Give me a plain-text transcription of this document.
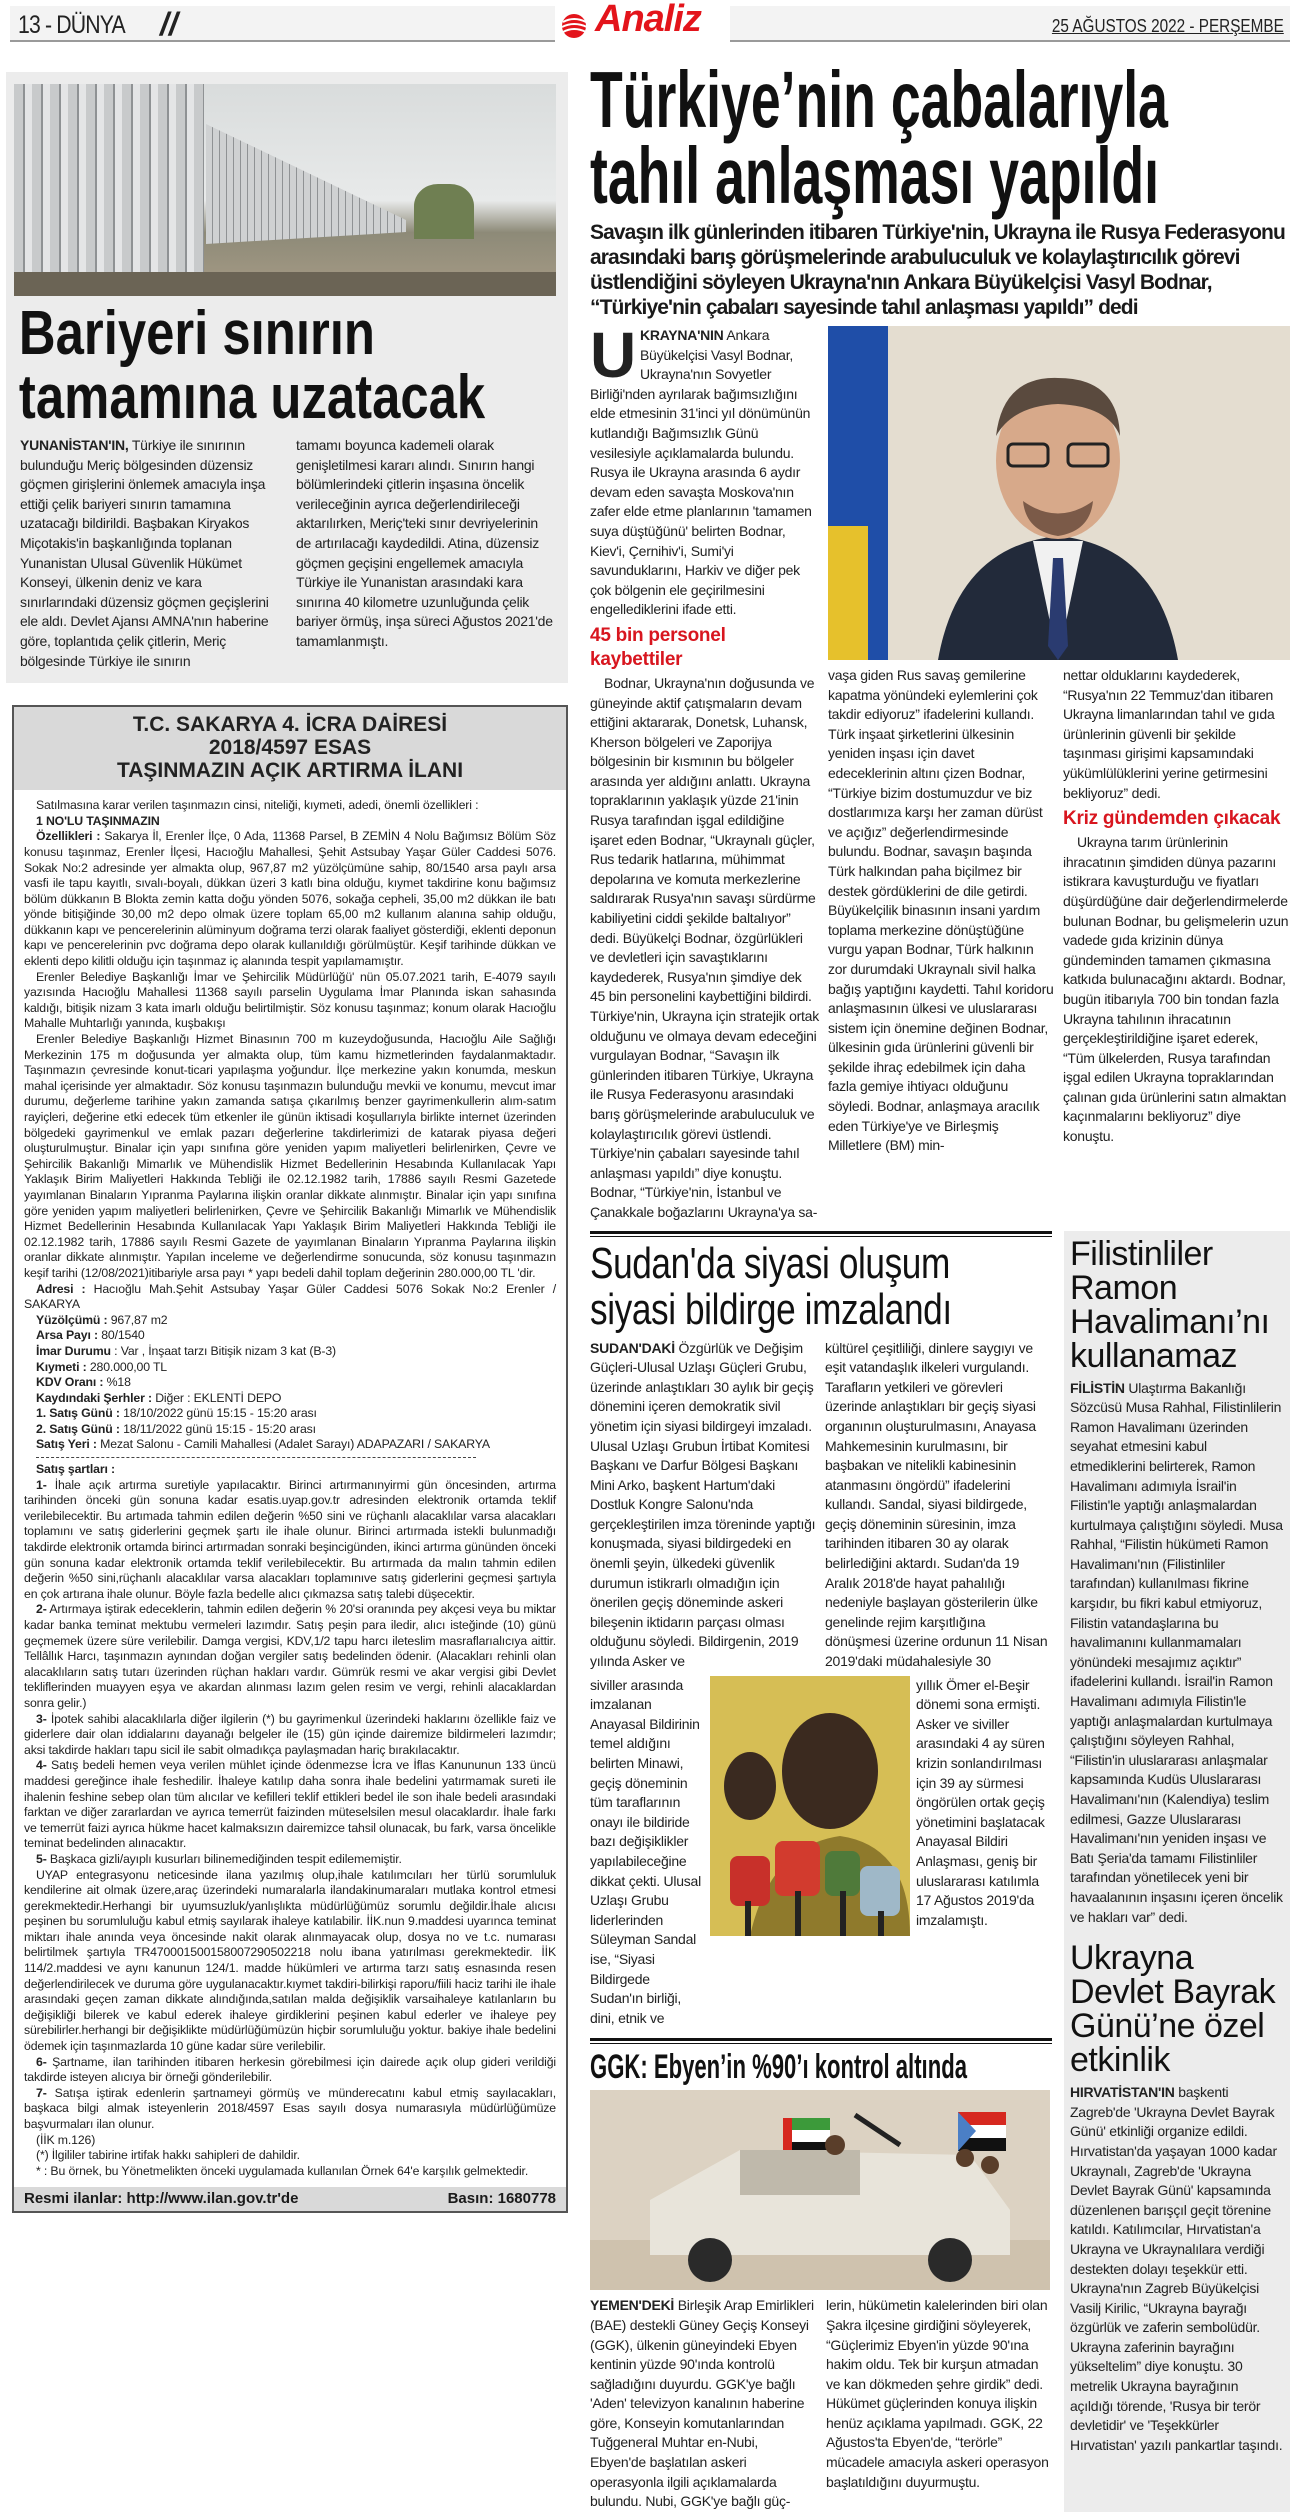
13 - DÜNYA //	25 AĞUSTOS 2022 - PERŞEMBE
Analiz
Bariyeri sınırın
tamamına uzatacak
YUNANİSTAN'IN, Türkiye ile sınırının bulunduğu Meriç bölgesinden düzensiz göçmen girişlerini önlemek amacıyla inşa ettiği çelik bariyeri sınırın tamamına uzatacağı bildirildi. Başbakan Kiryakos Miçotakis'in başkanlığında toplanan Yunanistan Ulusal Güvenlik Hükümet Konseyi, ülkenin deniz ve kara sınırlarındaki düzensiz göçmen geçişlerini ele aldı. Devlet Ajansı AMNA'nın haberine göre, toplantıda çelik çitlerin, Meriç bölgesinde Türkiye ile sınırın
tamamı boyunca kademeli olarak genişletilmesi kararı alındı. Sınırın hangi bölümlerindeki çitlerin inşasına öncelik verileceğinin ayrıca değerlendirileceği aktarılırken, Meriç'teki sınır devriyelerinin de artırılacağı kaydedildi. Atina, düzensiz göçmen geçişini engellemek amacıyla Türkiye ile Yunanistan arasındaki kara sınırına 40 kilometre uzunluğunda çelik bariyer örmüş, inşa süreci Ağustos 2021'de tamamlanmıştı.
T.C. SAKARYA 4. İCRA DAİRESİ
2018/4597 ESAS
TAŞINMAZIN AÇIK ARTIRMA İLANI

Satılmasına karar verilen taşınmazın cinsi, niteliği, kıymeti, adedi, önemli özellikleri :

1 NO'LU TAŞINMAZIN

Özellikleri : Sakarya İl, Erenler İlçe, 0 Ada, 11368 Parsel, B ZEMİN 4 Nolu Bağımsız Bölüm Söz konusu taşınmaz, Erenler İlçesi, Hacıoğlu Mahallesi, Şehit Astsubay Yaşar Güler Caddesi 5076. Sokak No:2 adresinde yer almakta olup, 967,87 m2 yüzölçümüne sahip, 80/1540 arsa paylı arsa vasfi ile tapu kayıtlı, sıvalı-boyalı, dükkan üzeri 3 katlı bina olduğu, kıymet takdirine konu bağımsız bölüm dükkanın B Blokta zemin katta doğu yönden 5076, sokağa cepheli, 35,00 m2 dükkan ile batı yönde bitişiğinde 30,00 m2 depo olmak üzere toplam 65,00 m2 kullanım alanına sahip olduğu, dükkanın kapı ve pencerelerinin alüminyum doğrama terzi olarak faaliyet gösterdiği, eklenti deponun kapı ve pencerelerinin pvc doğrama depo olarak kullanıldığı görülmüştür. Keşif tarihinde dükkan ve eklenti depo kilitli olduğu için taşınmaz iç alanında tespit yapılamamıştır.

Erenler Belediye Başkanlığı İmar ve Şehircilik Müdürlüğü' nün 05.07.2021 tarih, E-4079 sayılı yazısında Hacıoğlu Mahallesi 11368 sayılı parselin Uygulama İmar Planında iskan sahasında kaldığı, bitişik nizam 3 kata imarlı olduğu belirtilmiştir. Söz konusu taşınmaz; konum olarak Hacıoğlu Mahalle Muhtarlığı yanında, kuşbakışı

Erenler Belediye Başkanlığı Hizmet Binasının 700 m kuzeydoğusunda, Hacıoğlu Aile Sağlığı Merkezinin 175 m doğusunda yer almakta olup, tüm kamu hizmetlerinden faydalanmaktadır. Taşınmazın çevresinde konut-ticari yapılaşma yoğundur. İlçe merkezine yakın konumda, meskun mahal içerisinde yer almaktadır. Söz konusu taşınmazın bulunduğu mevkii ve konumu, mevcut imar durumu, değerleme tarihine yakın zamanda satışa çıkarılmış benzer gayrimenkullerin alım-satım rayiçleri, değerine etki edecek tüm etkenler ile günün iktisadi koşullarıyla birlikte internet üzerinden bölgedeki gayrimenkul ve emlak pazarı değerlerine takdirlerimizi de katarak piyasa değeri oluşturulmuştur. Binalar için yapı sınıfına göre yeniden yapım maliyetleri belirlenirken, Çevre ve Şehircilik Bakanlığı Mimarlık ve Mühendislik Hizmet Bedellerinin Hesabında Kullanılacak Yapı Yaklaşık Birim Maliyetleri Hakkında Tebliği ile 02.12.1982 tarih, 17886 sayılı Resmi Gazetede yayımlanan Binaların Yıpranma Paylarına ilişkin oranlar dikkate alınmıştır. Binalar için yapı sınıfına göre yeniden yapım maliyetleri belirlenirken, Çevre ve Şehircilik Bakanlığı Mimarlık ve Mühendislik Hizmet Bedellerinin Hesabında Kullanılacak Yapı Yaklaşık Birim Maliyetleri Hakkında Tebliği ile 02.12.1982 tarih, 17886 sayılı Resmi Gazete de yayımlanan Binaların Yıpranma Paylarına ilişkin oranlar dikkate alınmıştır. Yapılan inceleme ve değerlendirme sonucunda, söz konusu taşınmazın keşif tarihi (12/08/2021)itibariyle arsa payı * yapı bedeli dahil toplam değerinin 280.000,00 TL 'dir.

Adresi : Hacıoğlu Mah.Şehit Astsubay Yaşar Güler Caddesi 5076 Sokak No:2 Erenler / SAKARYA

Yüzölçümü : 967,87 m2

Arsa Payı : 80/1540

İmar Durumu : Var , İnşaat tarzı Bitişik nizam 3 kat (B-3)

Kıymeti : 280.000,00 TL

KDV Oranı : %18

Kaydındaki Şerhler : Diğer : EKLENTİ DEPO

1. Satış Günü : 18/10/2022 günü 15:15 - 15:20 arası

2. Satış Günü : 18/11/2022 günü 15:15 - 15:20 arası

Satış Yeri : Mezat Salonu - Camili Mahallesi (Adalet Sarayı) ADAPAZARI / SAKARYA

Satış şartları :

1- İhale açık artırma suretiyle yapılacaktır. Birinci artırmanınyirmi gün öncesinden, artırma tarihinden önceki gün sonuna kadar esatis.uyap.gov.tr adresinden elektronik ortamda teklif verilebilecektir. Bu artımada tahmin edilen değerin %50 sini ve rüçhanlı alacaklılar varsa alacakları toplamını ve satış giderlerini geçmek şartı ile ihale olunur. Birinci artırmada istekli bulunmadığı takdirde elektronik ortamda birinci artırmadan sonraki beşincigünden, ikinci artırma gününden önceki gün sonuna kadar elektronik ortamda teklif verilebilecektir. Bu artırmada da malın tahmin edilen değerin %50 sini,rüçhanlı alacaklılar varsa alacakları toplamınıve satış giderlerini geçmesi şartıyla en çok artırana ihale olunur. Böyle fazla bedelle alıcı çıkmazsa satış talebi düşecektir.

2- Artırmaya iştirak edeceklerin, tahmin edilen değerin % 20'si oranında pey akçesi veya bu miktar kadar banka teminat mektubu vermeleri lazımdır. Satış peşin para iledir, alıcı isteğinde (10) günü geçmemek üzere süre verilebilir. Damga vergisi, KDV,1/2 tapu harcı ileteslim masraflarıalıcıya aittir. Tellâllık Harcı, taşınmazın aynından doğan vergiler satış bedelinden ödenir. (Alacakları rehinli olan alacaklıların satış tutarı üzerinden rüçhan hakları vardır. Gümrük resmi ve akar vergisi gibi Devlet tekliflerinden muayyen eşya ve akardan alınması lazım gelen resim ve vergi, rehinli alacaklardan sonra gelir.)

3- İpotek sahibi alacaklılarla diğer ilgilerin (*) bu gayrimenkul üzerindeki haklarını özellikle faiz ve giderlere dair olan iddialarını dayanağı belgeler ile (15) gün içinde dairemize bildirmeleri lazımdır; aksi takdirde hakları tapu sicil ile sabit olmadıkça paylaşmadan hariç bırakılacaktır.

4- Satış bedeli hemen veya verilen mühlet içinde ödenmezse İcra ve İflas Kanununun 133 üncü maddesi gereğince ihale feshedilir. İhaleye katılıp daha sonra ihale bedelini yatırmamak sureti ile ihalenin feshine sebep olan tüm alıcılar ve kefilleri teklif ettikleri bedel ile son ihale bedeli arasındaki farktan ve diğer zararlardan ve ayrıca temerrüt faizinden müteselsilen mesul olacaklardır. İhale farkı ve temerrüt faizi ayrıca hükme hacet kalmaksızın dairemizce tahsil olunacak, bu fark, varsa öncelikle teminat bedelinden alınacaktır.

5- Başkaca gizli/ayıplı kusurları bilinemediğinden tespit edilememiştir.

UYAP entegrasyonu neticesinde ilana yazılmış olup,ihale katılımcıları her türlü sorumluluk kendilerine ait olmak üzere,araç üzerindeki numaralarla ilandakinumaraları mutlaka kontrol etmesi gerekmektedir.Herhangi bir uyumsuzluk/yanlışlıkta müdürlüğümüz sorumlu değildir.İhale alıcısı peşinen bu sorumluluğu kabul etmiş sayılarak ihaleye katılabilir. İİK.nun 9.maddesi uyarınca teminat miktarı ihale anında veya öncesinde nakit olarak alınmayacak olup, dosya no ve t.c. numarası belirtilmek şartıyla TR470001500158007290502218 nolu ibana yatırılması gerekmektedir. İİK 114/2.maddesi ve aynı kanunun 124/1. madde hükümleri ve artırma tarzı satış esnasında resen değerlendirilecek ve duruma göre uygulanacaktır.kıymet takdiri-bilirkişi raporu/fiili haciz tarihi ile ihale arasındaki geçen zaman dikkate alındığında,satılan malda değişiklik varsaihaleye katılanların bu değişikliği bilerek ve kabul ederek ihaleye girdiklerini peşinen kabul ederler ve ihaleye pey sürebilirler.herhangi bir değişiklikte müdürlüğümüzün hiçbir sorumluluğu yoktur. bakiye ihale bedelini ödemek için taşınmazlarda 10 güne kadar süre verilebilir.

6- Şartname, ilan tarihinden itibaren herkesin görebilmesi için dairede açık olup gideri verildiği takdirde isteyen alıcıya bir örneği gönderilebilir.

7- Satışa iştirak edenlerin şartnameyi görmüş ve münderecatını kabul etmiş sayılacakları, başkaca bilgi almak isteyenlerin 2018/4597 Esas sayılı dosya numarasıyla müdürlüğümüze başvurmaları ilan olunur.

(İİK m.126)

(*) İlgililer tabirine irtifak hakkı sahipleri de dahildir.

* : Bu örnek, bu Yönetmelikten önceki uygulamada kullanılan Örnek 64'e karşılık gelmektedir.

Resmi ilanlar: http://www.ilan.gov.tr'de	Basın: 1680778
Türkiye’nin çabalarıyla
tahıl anlaşması yapıldı
Savaşın ilk günlerinden itibaren Türkiye'nin, Ukrayna ile Rusya Federasyonu arasındaki barış görüşmelerinde arabuluculuk ve kolaylaştırıcılık görevi üstlendiğini söyleyen Ukrayna'nın Ankara Büyükelçisi Vasyl Bodnar, “Türkiye'nin çabaları sayesinde tahıl anlaşması yapıldı” dedi
U KRAYNA'NIN Ankara Büyükelçisi Vasyl Bodnar, Ukrayna'nın Sovyetler Birliği'nden ayrılarak bağımsızlığını elde etmesinin 31'inci yıl dönümünün kutlandığı Bağımsızlık Günü vesilesiyle açıklamalarda bulundu. Rusya ile Ukrayna arasında 6 aydır devam eden savaşta Moskova'nın zafer elde etme planlarının 'tamamen suya düştüğünü' belirten Bodnar, Kiev'i, Çernihiv'i, Sumi'yi savunduklarını, Harkiv ve diğer pek çok bölgenin ele geçirilmesini engellediklerini ifade etti.
45 bin personel kaybettiler
Bodnar, Ukrayna'nın doğusunda ve güneyinde aktif çatışmaların devam ettiğini aktararak, Donetsk, Luhansk, Kherson bölgeleri ve Zaporijya bölgesinin bir kısmının bu bölgeler arasında yer aldığını anlattı. Ukrayna topraklarının yaklaşık yüzde 21'inin Rusya tarafından işgal edildiğine işaret eden Bodnar, “Ukraynalı güçler, Rus tedarik hatlarına, mühimmat depolarına ve komuta merkezlerine saldırarak Rusya'nın savaşı sürdürme kabiliyetini ciddi şekilde baltalıyor” dedi. Büyükelçi Bodnar, özgürlükleri ve devletleri için savaştıklarını kaydederek, Rusya'nın şimdiye dek 45 bin personelini kaybettiğini bildirdi. Türkiye'nin, Ukrayna için stratejik ortak olduğunu ve olmaya devam edeceğini vurgulayan Bodnar, “Savaşın ilk günlerinden itibaren Türkiye, Ukrayna ile Rusya Federasyonu arasındaki barış görüşmelerinde arabuluculuk ve kolaylaştırıcılık görevi üstlendi. Türkiye'nin çabaları sayesinde tahıl anlaşması yapıldı” diye konuştu. Bodnar, “Türkiye'nin, İstanbul ve Çanakkale boğazlarını Ukrayna'ya sa-
vaşa giden Rus savaş gemilerine kapatma yönündeki eylemlerini çok takdir ediyoruz” ifadelerini kullandı. Türk inşaat şirketlerini ülkesinin yeniden inşası için davet edeceklerinin altını çizen Bodnar, “Türkiye bizim dostumuzdur ve biz dostlarımıza karşı her zaman dürüst ve açığız” değerlendirmesinde bulundu. Bodnar, savaşın başında Türk halkından paha biçilmez bir destek gördüklerini de dile getirdi. Büyükelçilik binasının insani yardım toplama merkezine dönüştüğüne vurgu yapan Bodnar, Türk halkının zor durumdaki Ukraynalı sivil halka bağış yaptığını kaydetti. Tahıl koridoru anlaşmasının ülkesi ve uluslararası sistem için önemine değinen Bodnar, ülkesinin gıda ürünlerini güvenli bir şekilde ihraç edebilmek için daha fazla gemiye ihtiyacı olduğunu söyledi. Bodnar, anlaşmaya aracılık eden Türkiye'ye ve Birleşmiş Milletlere (BM) min-
nettar olduklarını kaydederek, “Rusya'nın 22 Temmuz'dan itibaren Ukrayna limanlarından tahıl ve gıda ürünlerinin güvenli bir şekilde taşınması girişimi kapsamındaki yükümlülüklerini yerine getirmesini bekliyoruz” dedi.
Kriz gündemden çıkacak
Ukrayna tarım ürünlerinin ihracatının şimdiden dünya pazarını istikrara kavuşturduğu ve fiyatları düşürdüğüne dair değerlendirmelerde bulunan Bodnar, bu gelişmelerin uzun vadede gıda krizinin dünya gündeminden tamamen çıkmasına katkıda bulunacağını aktardı. Bodnar, bugün itibarıyla 700 bin tondan fazla Ukrayna tahılının ihracatının gerçekleştirildiğine işaret ederek, “Tüm ülkelerden, Rusya tarafından işgal edilen Ukrayna topraklarından çalınan gıda ürünlerini satın almaktan kaçınmalarını bekliyoruz” diye konuştu.
Sudan'da siyasi oluşum
siyasi bildirge imzalandı
SUDAN'DAKİ Özgürlük ve Değişim Güçleri-Ulusal Uzlaşı Güçleri Grubu, üzerinde anlaştıkları 30 aylık bir geçiş dönemini içeren demokratik sivil yönetim için siyasi bildirgeyi imzaladı. Ulusal Uzlaşı Grubun İrtibat Komitesi Başkanı ve Darfur Bölgesi Başkanı Mini Arko, başkent Hartum'daki Dostluk Kongre Salonu'nda gerçekleştirilen imza töreninde yaptığı konuşmada, siyasi bildirgedeki en önemli şeyin, ülkedeki güvenlik durumun istikrarlı olmadığın için önerilen geçiş döneminde askeri bileşenin iktidarın parçası olması olduğunu söyledi. Bildirgenin, 2019 yılında Asker ve
kültürel çeşitliliği, dinlere saygıyı ve eşit vatandaşlık ilkeleri vurgulandı. Tarafların yetkileri ve görevleri üzerinde anlaştıkları bir geçiş siyasi organının oluşturulmasını, Anayasa Mahkemesinin kurulmasını, bir başbakan ve nitelikli kabinesinin atanmasını öngördü” ifadelerini kullandı. Sandal, siyasi bildirgede, geçiş döneminin süresinin, imza tarihinden itibaren 30 ay olarak belirlediğini aktardı. Sudan'da 19 Aralık 2018'de hayat pahalılığı nedeniyle başlayan gösterilerin ülke genelinde rejim karşıtlığına dönüşmesi üzerine ordunun 11 Nisan 2019'daki müdahalesiyle 30
siviller arasında imzalanan Anayasal Bildirinin temel aldığını belirten Minawi, geçiş döneminin tüm taraflarının onayı ile bildiride bazı değişiklikler yapılabileceğine dikkat çekti. Ulusal Uzlaşı Grubu liderlerinden Süleyman Sandal ise, “Siyasi Bildirgede Sudan'ın birliği, dini, etnik ve
yıllık Ömer el-Beşir dönemi sona ermişti. Asker ve siviller arasındaki 4 ay süren krizin sonlandırılması için 39 ay sürmesi öngörülen ortak geçiş yönetimini başlatacak Anayasal Bildiri Anlaşması, geniş bir uluslararası katılımla 17 Ağustos 2019'da imzalamıştı.
GGK: Ebyen’in %90’ı kontrol altında
YEMEN'DEKİ Birleşik Arap Emirlikleri (BAE) destekli Güney Geçiş Konseyi (GGK), ülkenin güneyindeki Ebyen kentinin yüzde 90'ında kontrolü sağladığını duyurdu. GGK'ye bağlı 'Aden' televizyon kanalının haberine göre, Konseyin komutanlarından Tuğgeneral Muhtar en-Nubi, Ebyen'de başlatılan askeri operasyonla ilgili açıklamalarda bulundu. Nubi, GGK'ye bağlı güç-
lerin, hükümetin kalelerinden biri olan Şakra ilçesine girdiğini söyleyerek, “Güçlerimiz Ebyen'in yüzde 90'ına hakim oldu. Tek bir kurşun atmadan ve kan dökmeden şehre girdik” dedi. Hükümet güçlerinden konuya ilişkin henüz açıklama yapılmadı. GGK, 22 Ağustos'ta Ebyen'de, “terörle” mücadele amacıyla askeri operasyon başlatıldığını duyurmuştu.
Filistinliler Ramon Havalimanı’nı kullanamaz
FİLİSTİN Ulaştırma Bakanlığı Sözcüsü Musa Rahhal, Filistinlilerin Ramon Havalimanı üzerinden seyahat etmesini kabul etmediklerini belirterek, Ramon Havalimanı adımıyla İsrail'in Filistin'le yaptığı anlaşmalardan kurtulmaya çalıştığını söyledi. Musa Rahhal, “Filistin hükümeti Ramon Havalimanı'nın (Filistinliler tarafından) kullanılması fikrine karşıdır, bu fikri kabul etmiyoruz, Filistin vatandaşlarına bu havalimanını kullanmamaları yönündeki mesajımız açıktır” ifadelerini kullandı. İsrail'in Ramon Havalimanı adımıyla Filistin'le yaptığı anlaşmalardan kurtulmaya çalıştığını söyleyen Rahhal, “Filistin'in uluslararası anlaşmalar kapsamında Kudüs Uluslararası Havalimanı'nın (Kalendiya) teslim edilmesi, Gazze Uluslararası Havalimanı'nın yeniden inşası ve Batı Şeria'da tamamı Filistinliler tarafından yönetilecek yeni bir havaalanının inşasını içeren öncelik ve hakları var” dedi.
Ukrayna Devlet Bayrak Günü’ne özel etkinlik
HIRVATİSTAN'IN başkenti Zagreb'de 'Ukrayna Devlet Bayrak Günü' etkinliği organize edildi. Hırvatistan'da yaşayan 1000 kadar Ukraynalı, Zagreb'de 'Ukrayna Devlet Bayrak Günü' kapsamında düzenlenen barışçıl geçit törenine katıldı. Katılımcılar, Hırvatistan'a Ukrayna ve Ukraynalılara verdiği destekten dolayı teşekkür etti. Ukrayna'nın Zagreb Büyükelçisi Vasilj Kirilic, “Ukrayna bayrağı özgürlük ve zaferin sembolüdür. Ukrayna zaferinin bayrağını yükseltelim” diye konuştu. 30 metrelik Ukrayna bayrağının açıldığı törende, 'Rusya bir terör devletidir' ve 'Teşekkürler Hırvatistan' yazılı pankartlar taşındı.
